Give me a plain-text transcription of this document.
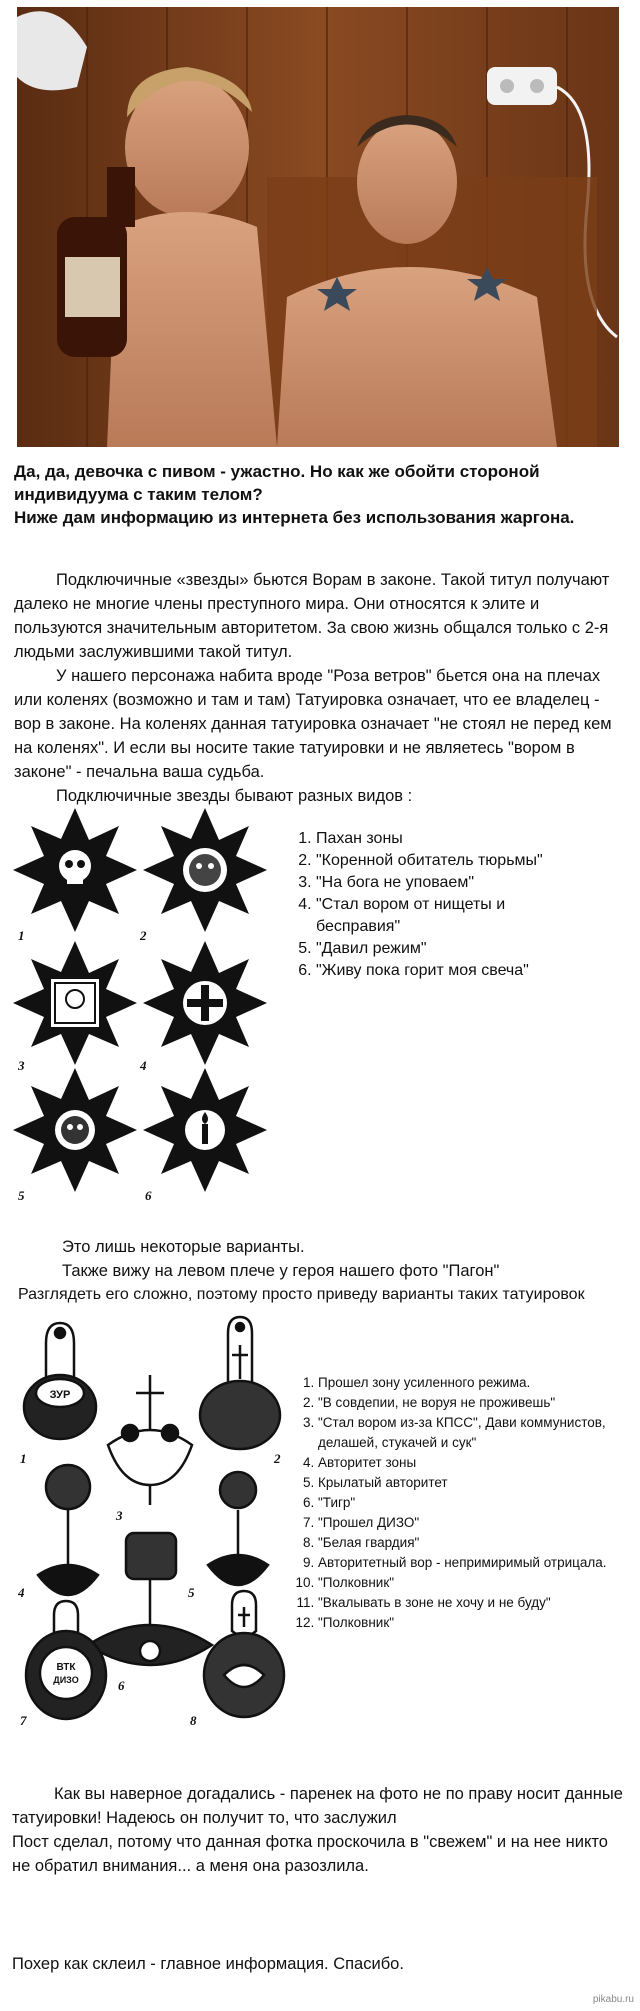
Да, да, девочка с пивом - ужастно. Но как же обойти стороной
индивидуума с таким телом?
Ниже дам информацию из интернета без использования жаргона.
Подключичные «звезды» бьются Ворам в законе. Такой титул получают далеко не многие члены преступного мира. Они относятся к элите и пользуются значительным авторитетом. За свою жизнь общался только с 2-я людьми заслужившими такой титул.
У нашего персонажа набита вроде "Роза ветров" бьется она на плечах или коленях (возможно и там и там) Татуировка означает, что ее владелец - вор в законе. На коленях данная татуировка означает "не стоял не перед кем на коленях". И если вы носите такие татуировки и не являетесь "вором в законе" - печальна ваша судьба.
Подключичные звезды бывают разных видов :
1	2
3	4
5	6
1. Пахан зоны
2. "Коренной обитатель тюрьмы"
3. "На бога не уповаем"
4. "Стал вором от нищеты и бесправия"
5. "Давил режим"
6. "Живу пока горит моя свеча"
Это лишь некоторые варианты.
Также вижу на левом плече у героя нашего фото "Пагон"
Разглядеть его сложно, поэтому просто приведу варианты таких татуировок
ЗУР
ВТК
ДИЗО
1	2
3
4	5
6
7	8
1. Прошел зону усиленного режима.
2. "В совдепии, не воруя не проживешь"
3. "Стал вором из-за КПСС", Дави коммунистов, делашей, стукачей и сук"
4. Авторитет зоны
5. Крылатый авторитет
6. "Тигр"
7. "Прошел ДИЗО"
8. "Белая гвардия"
9. Авторитетный вор - непримиримый отрицала.
10. "Полковник"
11. "Вкалывать в зоне не хочу и не буду"
12. "Полковник"
Как вы наверное догадались - паренек на фото не по праву носит данные татуировки! Надеюсь он получит то, что заслужил
Пост сделал, потому что данная фотка проскочила в "свежем" и на нее никто не обратил внимания... а меня она разозлила.
Похер как склеил - главное информация. Спасибо.
pikabu.ru
